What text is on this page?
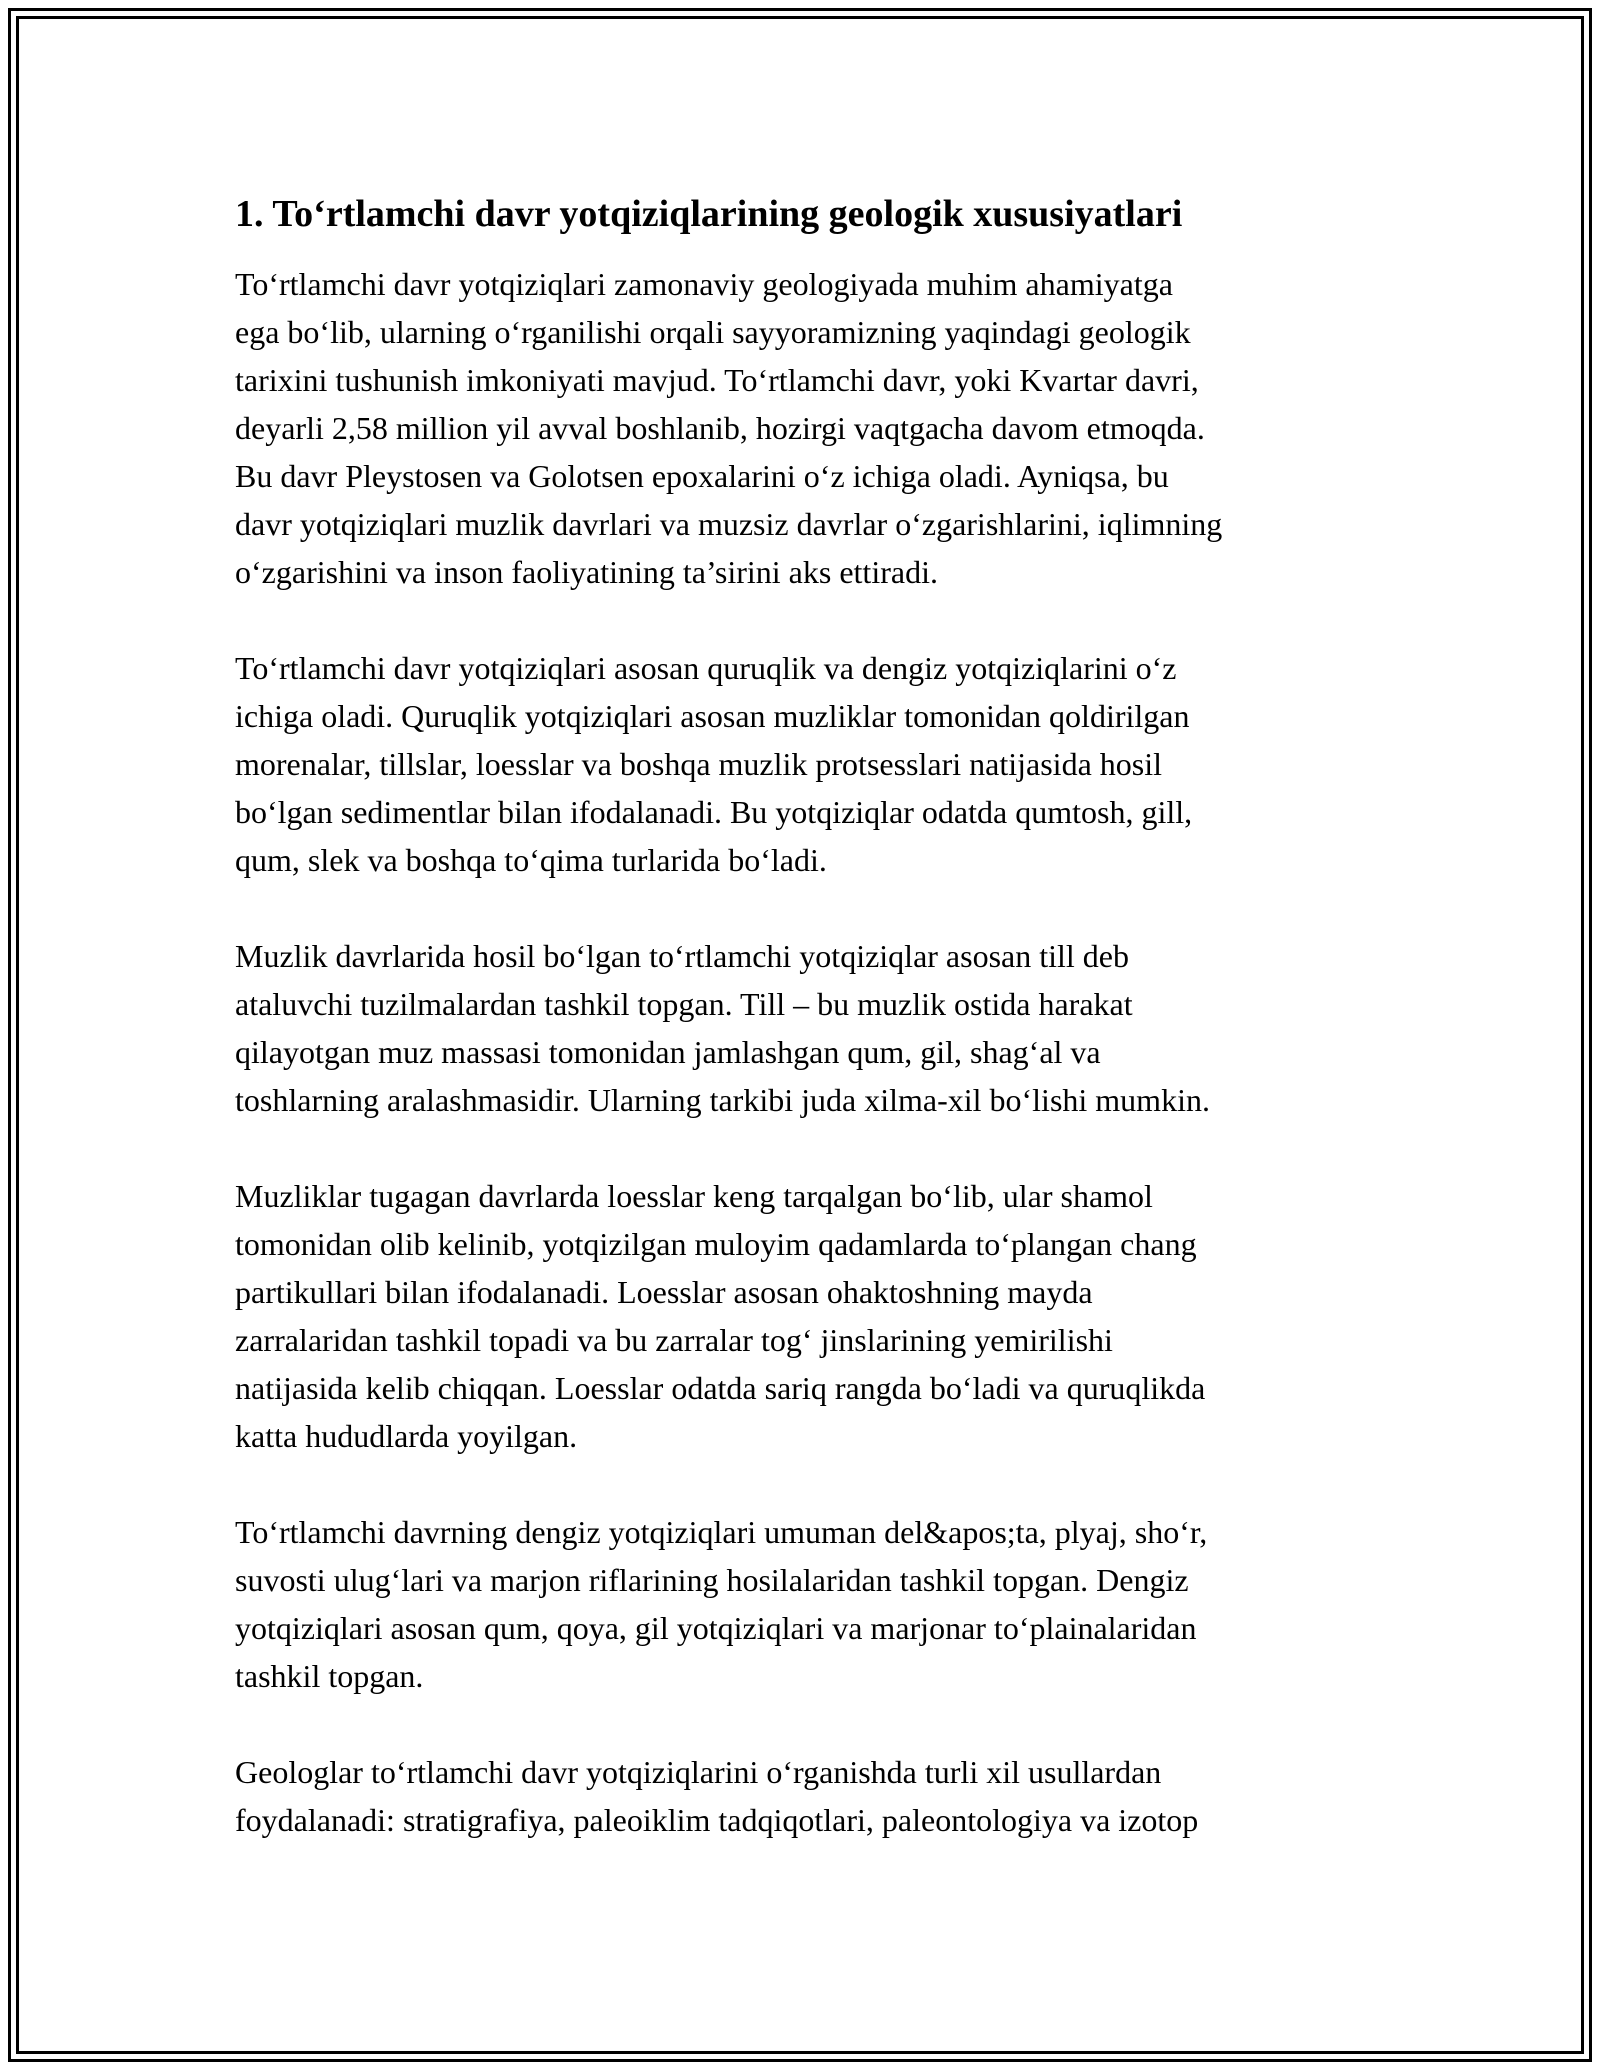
1. To‘rtlamchi davr yotqiziqlarining geologik xususiyatlari

To‘rtlamchi davr yotqiziqlari zamonaviy geologiyada muhim ahamiyatga
ega bo‘lib, ularning o‘rganilishi orqali sayyoramizning yaqindagi geologik
tarixini tushunish imkoniyati mavjud. To‘rtlamchi davr, yoki Kvartar davri,
deyarli 2,58 million yil avval boshlanib, hozirgi vaqtgacha davom etmoqda.
Bu davr Pleystosen va Golotsen epoxalarini o‘z ichiga oladi. Ayniqsa, bu
davr yotqiziqlari muzlik davrlari va muzsiz davrlar o‘zgarishlarini, iqlimning
o‘zgarishini va inson faoliyatining ta’sirini aks ettiradi.

To‘rtlamchi davr yotqiziqlari asosan quruqlik va dengiz yotqiziqlarini o‘z
ichiga oladi. Quruqlik yotqiziqlari asosan muzliklar tomonidan qoldirilgan
morenalar, tillslar, loesslar va boshqa muzlik protsesslari natijasida hosil
bo‘lgan sedimentlar bilan ifodalanadi. Bu yotqiziqlar odatda qumtosh, gill,
qum, slek va boshqa to‘qima turlarida bo‘ladi.

Muzlik davrlarida hosil bo‘lgan to‘rtlamchi yotqiziqlar asosan till deb
ataluvchi tuzilmalardan tashkil topgan. Till – bu muzlik ostida harakat
qilayotgan muz massasi tomonidan jamlashgan qum, gil, shag‘al va
toshlarning aralashmasidir. Ularning tarkibi juda xilma-xil bo‘lishi mumkin.

Muzliklar tugagan davrlarda loesslar keng tarqalgan bo‘lib, ular shamol
tomonidan olib kelinib, yotqizilgan muloyim qadamlarda to‘plangan chang
partikullari bilan ifodalanadi. Loesslar asosan ohaktoshning mayda
zarralaridan tashkil topadi va bu zarralar tog‘ jinslarining yemirilishi
natijasida kelib chiqqan. Loesslar odatda sariq rangda bo‘ladi va quruqlikda
katta hududlarda yoyilgan.

To‘rtlamchi davrning dengiz yotqiziqlari umuman del&apos;ta, plyaj, sho‘r,
suvosti ulug‘lari va marjon riflarining hosilalaridan tashkil topgan. Dengiz
yotqiziqlari asosan qum, qoya, gil yotqiziqlari va marjonar to‘plainalaridan
tashkil topgan.

Geologlar to‘rtlamchi davr yotqiziqlarini o‘rganishda turli xil usullardan
foydalanadi: stratigrafiya, paleoiklim tadqiqotlari, paleontologiya va izotop
